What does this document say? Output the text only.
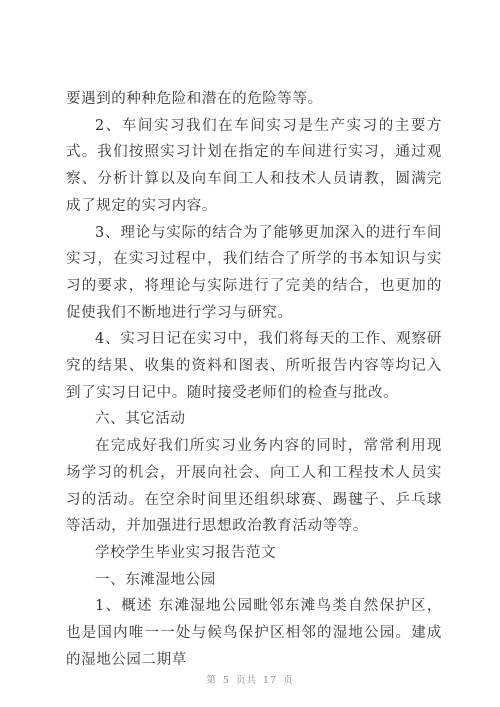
要遇到的种种危险和潜在的危险等等。

2、车间实习我们在车间实习是生产实习的主要方式。我们按照实习计划在指定的车间进行实习，通过观察、分析计算以及向车间工人和技术人员请教，圆满完成了规定的实习内容。

3、理论与实际的结合为了能够更加深入的进行车间实习，在实习过程中，我们结合了所学的书本知识与实习的要求，将理论与实际进行了完美的结合，也更加的促使我们不断地进行学习与研究。

4、实习日记在实习中，我们将每天的工作、观察研究的结果、收集的资料和图表、所听报告内容等均记入到了实习日记中。随时接受老师们的检查与批改。

六、其它活动

在完成好我们所实习业务内容的同时，常常利用现场学习的机会，开展向社会、向工人和工程技术人员实习的活动。在空余时间里还组织球赛、踢毽子、乒乓球等活动，并加强进行思想政治教育活动等等。

学校学生毕业实习报告范文

一、东滩湿地公园

1、概述 东滩湿地公园毗邻东滩鸟类自然保护区，也是国内唯一一处与候鸟保护区相邻的湿地公园。建成的湿地公园二期草

第 5 页共 17 页
